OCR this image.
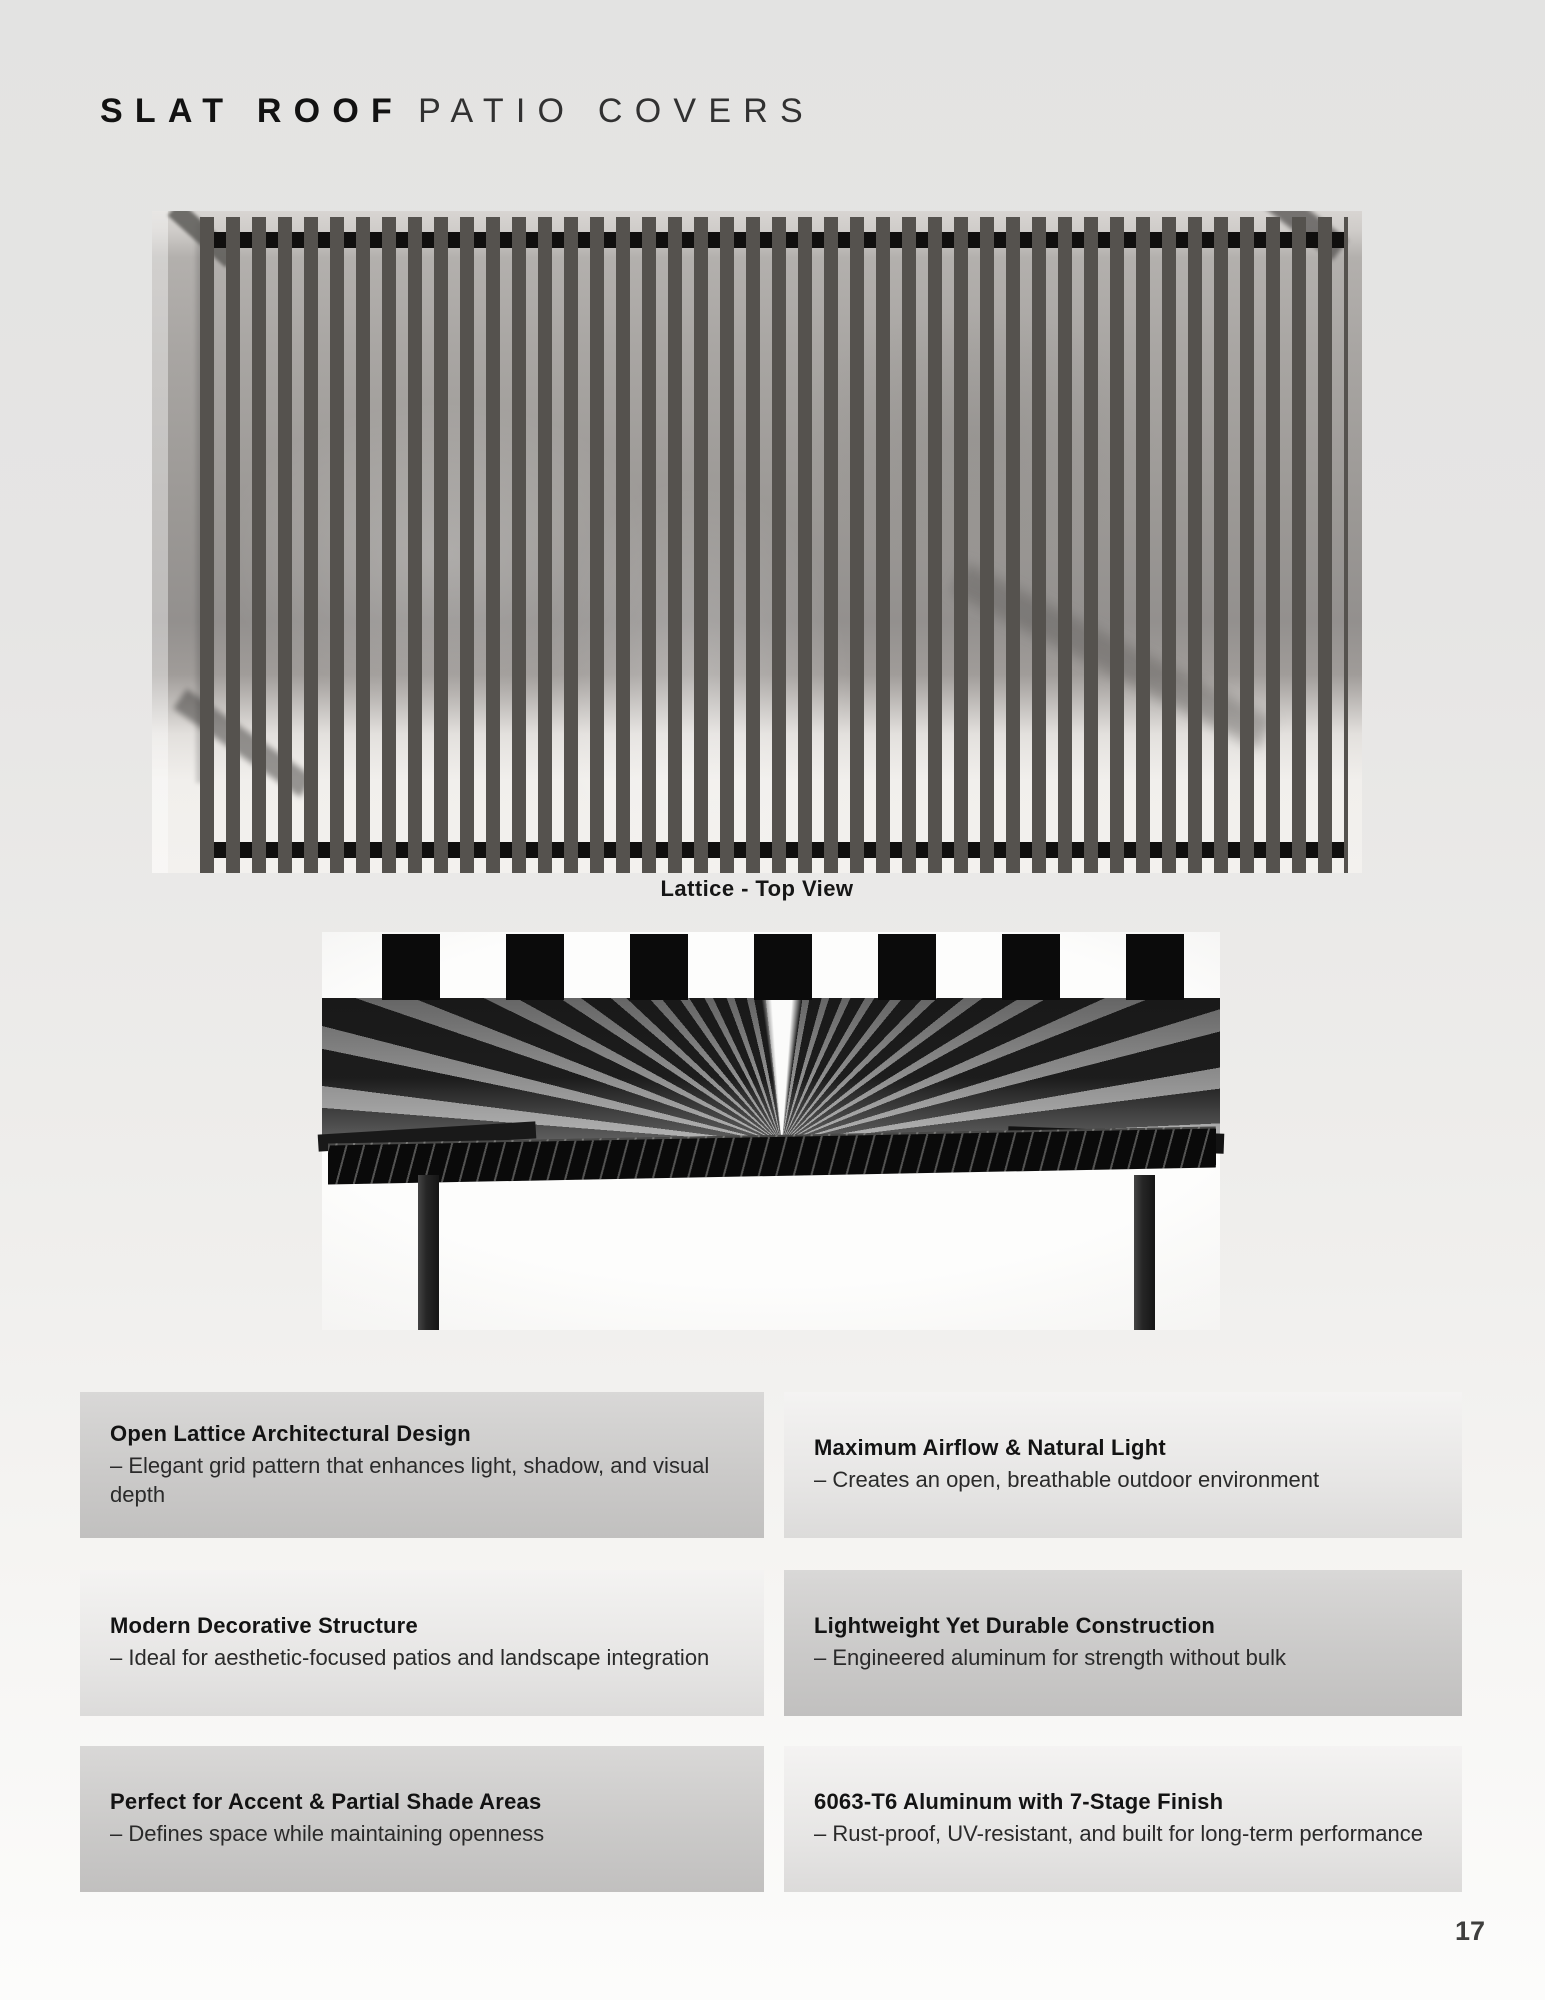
SLAT ROOF PATIO COVERS
Lattice - Top View
Open Lattice Architectural Design
– Elegant grid pattern that enhances light, shadow, and visual depth
Maximum Airflow & Natural Light
– Creates an open, breathable outdoor environment
Modern Decorative Structure
– Ideal for aesthetic-focused patios and landscape integration
Lightweight Yet Durable Construction
– Engineered aluminum for strength without bulk
Perfect for Accent & Partial Shade Areas
– Defines space while maintaining openness
6063-T6 Aluminum with 7-Stage Finish
– Rust-proof, UV-resistant, and built for long-term performance
17
